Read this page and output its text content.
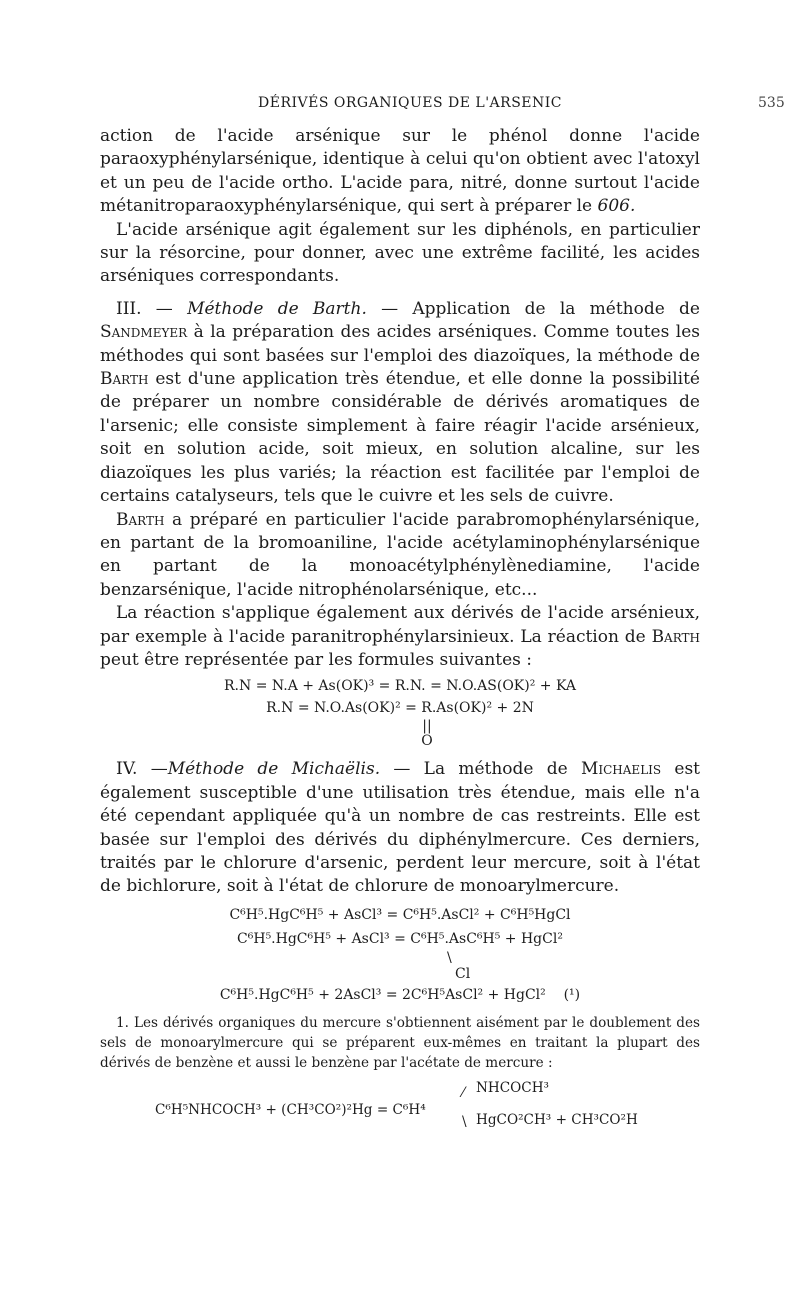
DÉRIVÉS ORGANIQUES DE L'ARSENIC	535

action de l'acide arsénique sur le phénol donne l'acide paraoxyphénylarsénique, identique à celui qu'on obtient avec l'atoxyl et un peu de l'acide ortho. L'acide para, nitré, donne surtout l'acide métanitroparaoxyphénylarsénique, qui sert à préparer le 606.

L'acide arsénique agit également sur les diphénols, en particulier sur la résorcine, pour donner, avec une extrême facilité, les acides arséniques correspondants.

III. — Méthode de Barth. — Application de la méthode de Sandmeyer à la préparation des acides arséniques. Comme toutes les méthodes qui sont basées sur l'emploi des diazoïques, la méthode de Barth est d'une application très étendue, et elle donne la possibilité de préparer un nombre considérable de dérivés aromatiques de l'arsenic; elle consiste simplement à faire réagir l'acide arsénieux, soit en solution acide, soit mieux, en solution alcaline, sur les diazoïques les plus variés; la réaction est facilitée par l'emploi de certains catalyseurs, tels que le cuivre et les sels de cuivre.

Barth a préparé en particulier l'acide parabromophénylarsénique, en partant de la bromoaniline, l'acide acétylaminophénylarsénique en partant de la monoacétylphénylènediamine, l'acide benzarsénique, l'acide nitrophénolarsénique, etc...

La réaction s'applique également aux dérivés de l'acide arsénieux, par exemple à l'acide paranitrophénylarsinieux. La réaction de Barth peut être représentée par les formules suivantes :

R.N = N.A + As(OK)³ = R.N. = N.O.AS(OK)² + KA
R.N = N.O.As(OK)² = R.As(OK)² + 2N
||
O

IV. —Méthode de Michaëlis. — La méthode de Michaelis est également susceptible d'une utilisation très étendue, mais elle n'a été cependant appliquée qu'à un nombre de cas restreints. Elle est basée sur l'emploi des dérivés du diphénylmercure. Ces derniers, traités par le chlorure d'arsenic, perdent leur mercure, soit à l'état de bichlorure, soit à l'état de chlorure de monoarylmercure.

C⁶H⁵.HgC⁶H⁵ + AsCl³ = C⁶H⁵.AsCl² + C⁶H⁵HgCl
C⁶H⁵.HgC⁶H⁵ + AsCl³ = C⁶H⁵.AsC⁶H⁵ + HgCl²
\
Cl
C⁶H⁵.HgC⁶H⁵ + 2AsCl³ = 2C⁶H⁵AsCl² + HgCl² (¹)
1. Les dérivés organiques du mercure s'obtiennent aisément par le doublement des sels de monoarylmercure qui se préparent eux-mêmes en traitant la plupart des dérivés de benzène et aussi le benzène par l'acétate de mercure :
C⁶H⁵NHCOCH³ + (CH³CO²)²Hg = C⁶H⁴
⁄
\
NHCOCH³
HgCO²CH³ + CH³CO²H
